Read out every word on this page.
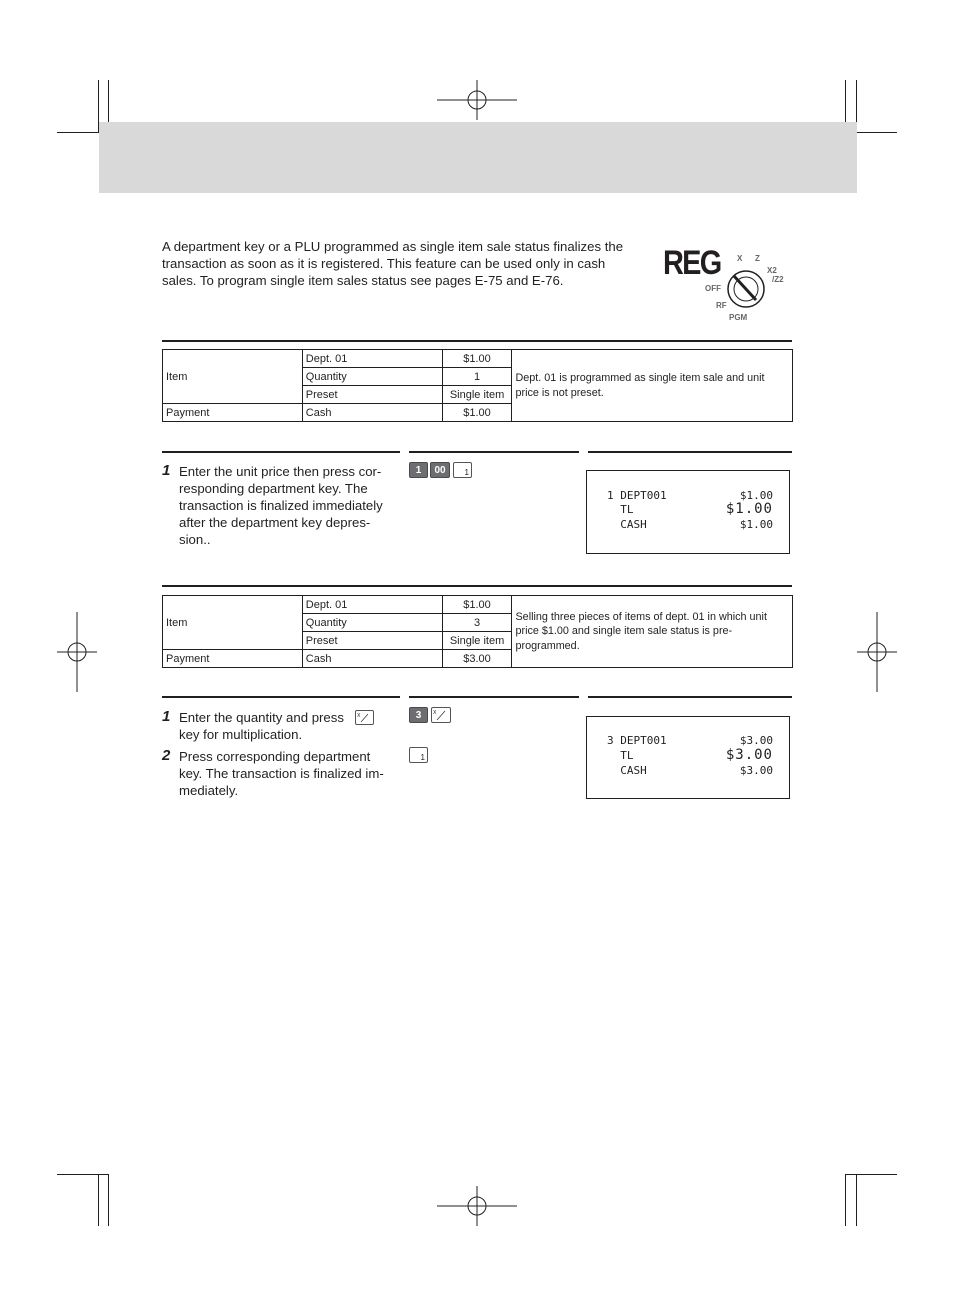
A department key or a PLU programmed as single item sale status finalizes the transaction as soon as it is registered. This feature can be used only in cash sales. To program single item sales status see pages E-75 and E-76.	REG X Z
X2
/Z2
OFF
RF
PGM
Item	Dept. 01	$1.00	Dept. 01 is programmed as single item sale and unit price is not preset.
	Quantity	1	
	Preset	Single item	
Payment	Cash	$1.00	
1 Enter the unit price then press cor-
responding department key. The
transaction is finalized immediately
after the department key depres-
sion..
1	00	1
1 DEPT001	$1.00
TL	$1.00
CASH	$1.00
Item	Dept. 01	$1.00	Selling three pieces of items of dept. 01 in which unit price $1.00 and single item sale status is pre-programmed.
	Quantity	3	
	Preset	Single item	
Payment	Cash	$3.00	
1 Enter the quantity and press
key for multiplication.
X
2 Press corresponding department
key. The transaction is finalized im-
mediately.
3	X
1
3 DEPT001	$3.00
TL	$3.00
CASH	$3.00
